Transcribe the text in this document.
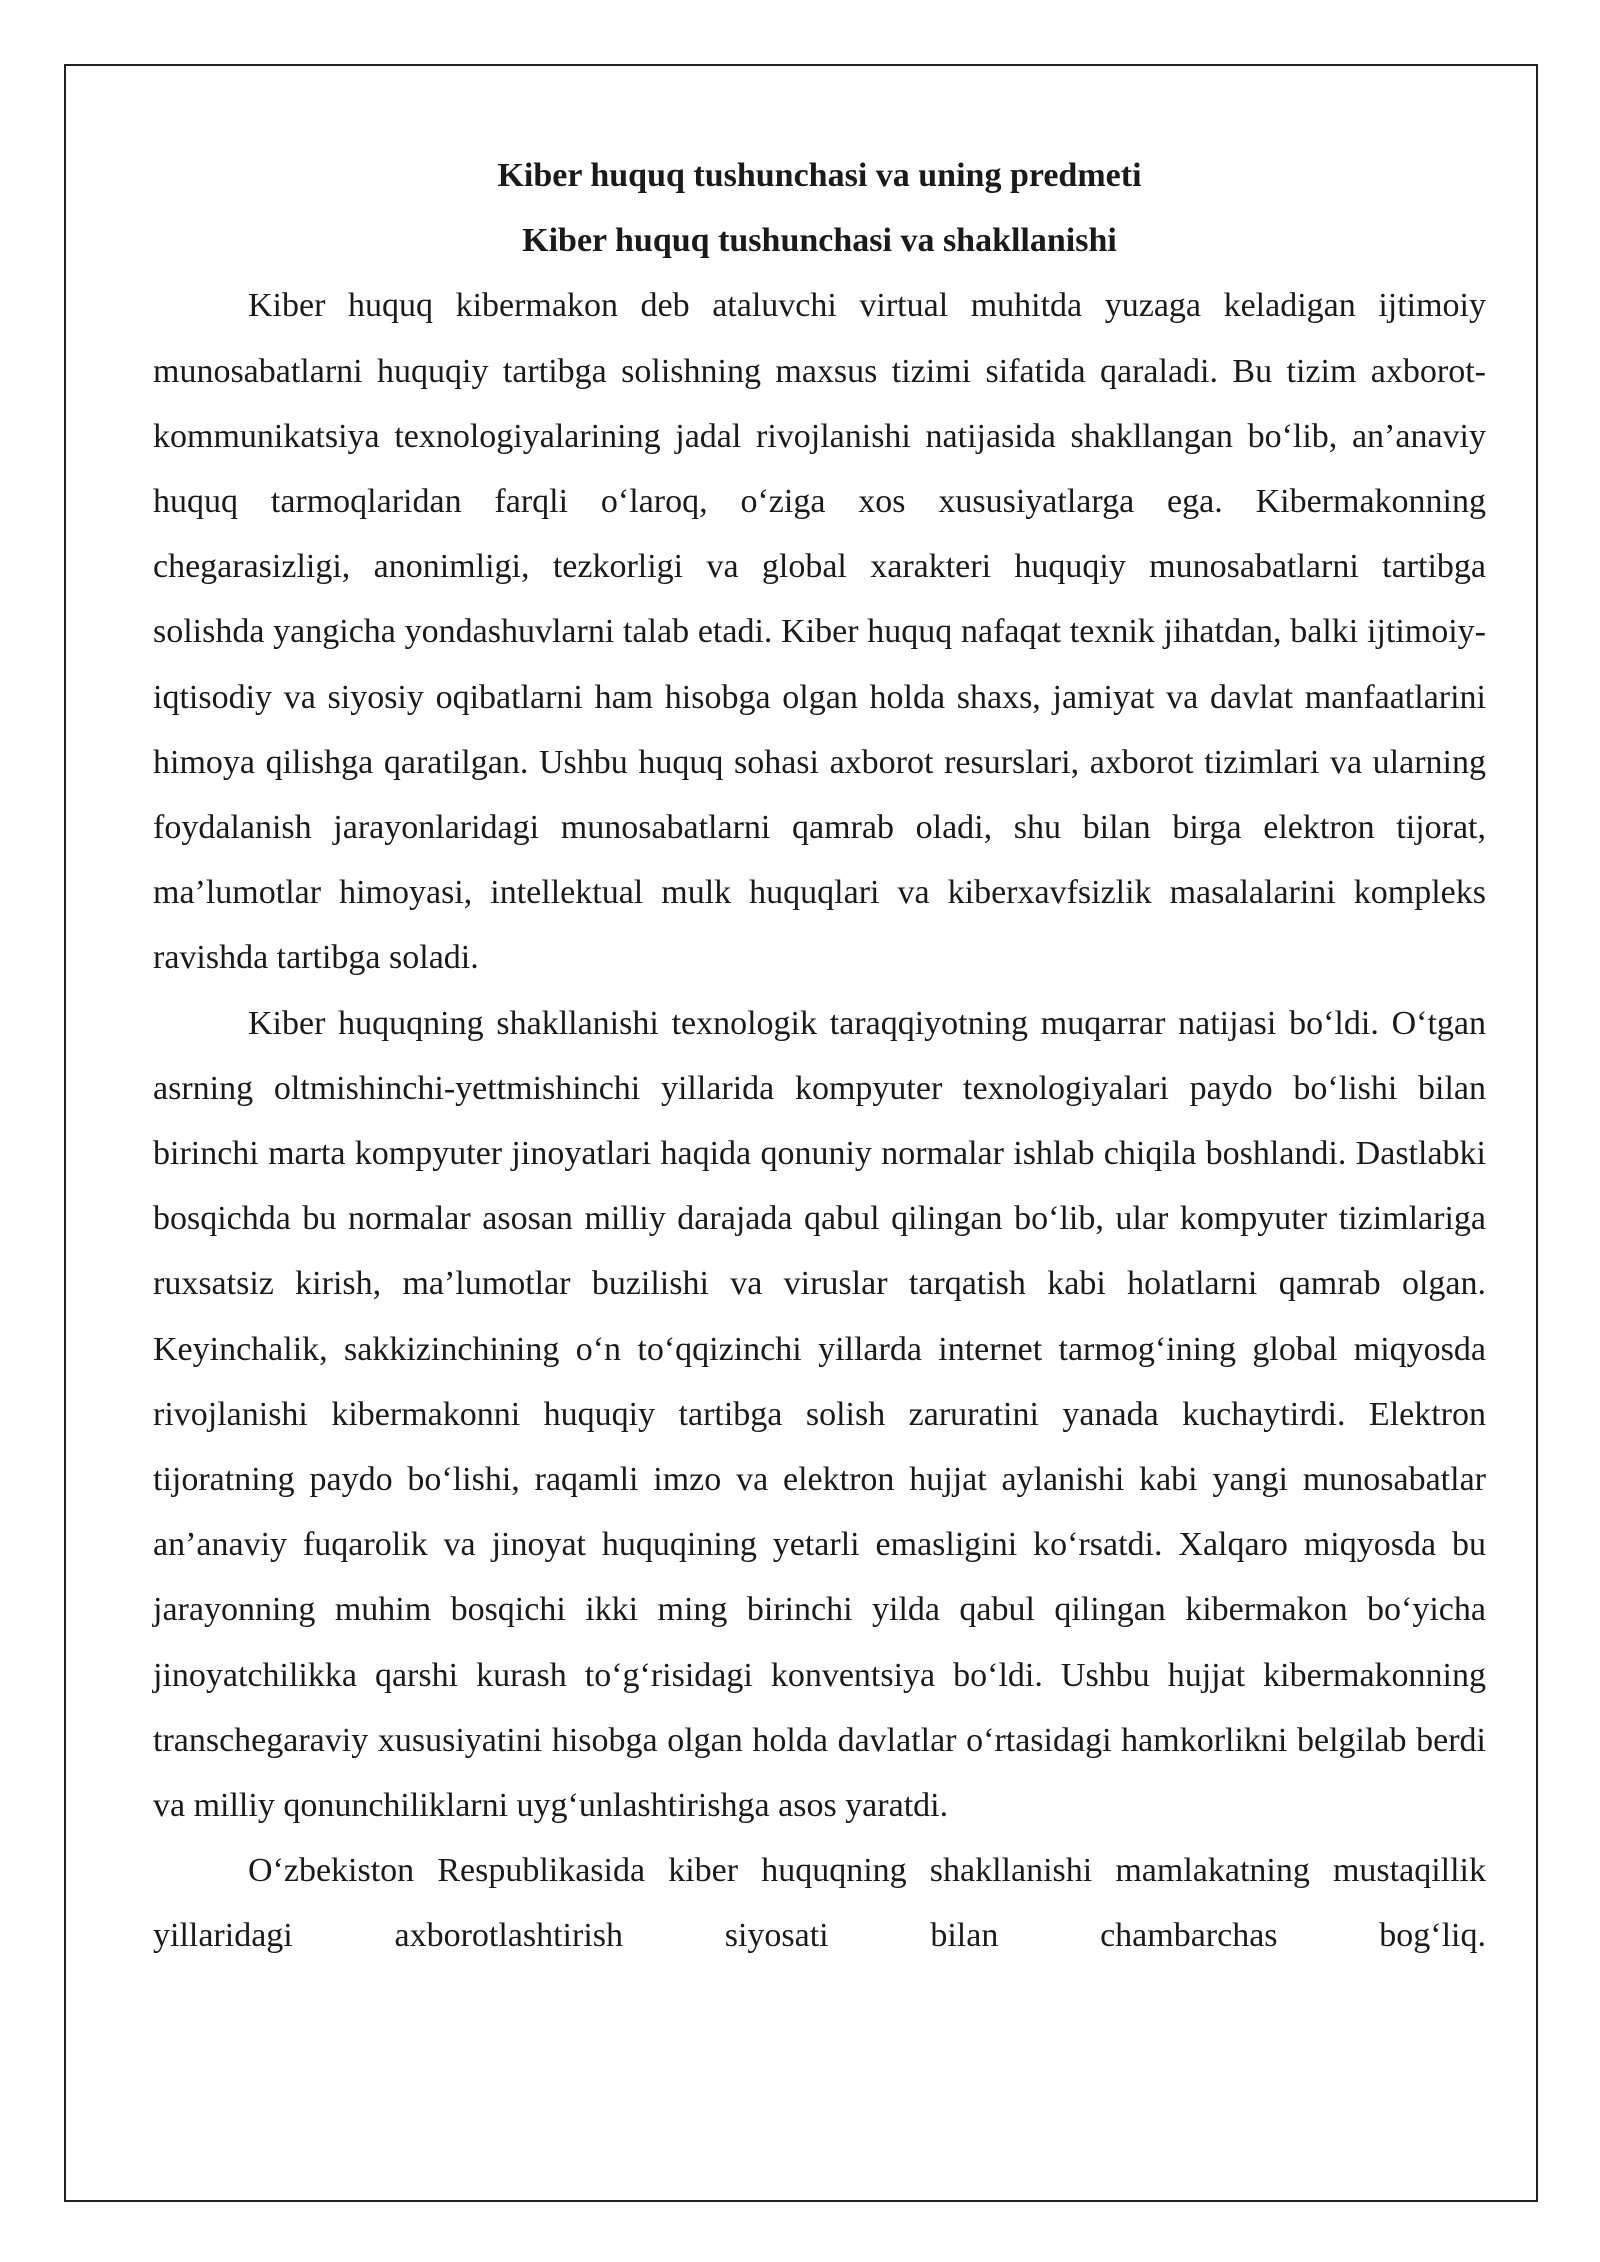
Kiber huquq tushunchasi va uning predmeti

Kiber huquq tushunchasi va shakllanishi

Kiber huquq kibermakon deb ataluvchi virtual muhitda yuzaga keladigan ijtimoiy munosabatlarni huquqiy tartibga solishning maxsus tizimi sifatida qaraladi. Bu tizim axborot-kommunikatsiya texnologiyalarining jadal rivojlanishi natijasida shakllangan bo‘lib, an’anaviy huquq tarmoqlaridan farqli o‘laroq, o‘ziga xos xususiyatlarga ega. Kibermakonning chegarasizligi, anonimligi, tezkorligi va global xarakteri huquqiy munosabatlarni tartibga solishda yangicha yondashuvlarni talab etadi. Kiber huquq nafaqat texnik jihatdan, balki ijtimoiy-iqtisodiy va siyosiy oqibatlarni ham hisobga olgan holda shaxs, jamiyat va davlat manfaatlarini himoya qilishga qaratilgan. Ushbu huquq sohasi axborot resurslari, axborot tizimlari va ularning foydalanish jarayonlaridagi munosabatlarni qamrab oladi, shu bilan birga elektron tijorat, ma’lumotlar himoyasi, intellektual mulk huquqlari va kiberxavfsizlik masalalarini kompleks ravishda tartibga soladi.

Kiber huquqning shakllanishi texnologik taraqqiyotning muqarrar natijasi bo‘ldi. O‘tgan asrning oltmishinchi-yettmishinchi yillarida kompyuter texnologiyalari paydo bo‘lishi bilan birinchi marta kompyuter jinoyatlari haqida qonuniy normalar ishlab chiqila boshlandi. Dastlabki bosqichda bu normalar asosan milliy darajada qabul qilingan bo‘lib, ular kompyuter tizimlariga ruxsatsiz kirish, ma’lumotlar buzilishi va viruslar tarqatish kabi holatlarni qamrab olgan. Keyinchalik, sakkizinchining o‘n to‘qqizinchi yillarda internet tarmog‘ining global miqyosda rivojlanishi kibermakonni huquqiy tartibga solish zaruratini yanada kuchaytirdi. Elektron tijoratning paydo bo‘lishi, raqamli imzo va elektron hujjat aylanishi kabi yangi munosabatlar an’anaviy fuqarolik va jinoyat huquqining yetarli emasligini ko‘rsatdi. Xalqaro miqyosda bu jarayonning muhim bosqichi ikki ming birinchi yilda qabul qilingan kibermakon bo‘yicha jinoyatchilikka qarshi kurash to‘g‘risidagi konventsiya bo‘ldi. Ushbu hujjat kibermakonning transchegaraviy xususiyatini hisobga olgan holda davlatlar o‘rtasidagi hamkorlikni belgilab berdi va milliy qonunchiliklarni uyg‘unlashtirishga asos yaratdi.

O‘zbekiston Respublikasida kiber huquqning shakllanishi mamlakatning mustaqillik yillaridagi axborotlashtirish siyosati bilan chambarchas bog‘liq.
